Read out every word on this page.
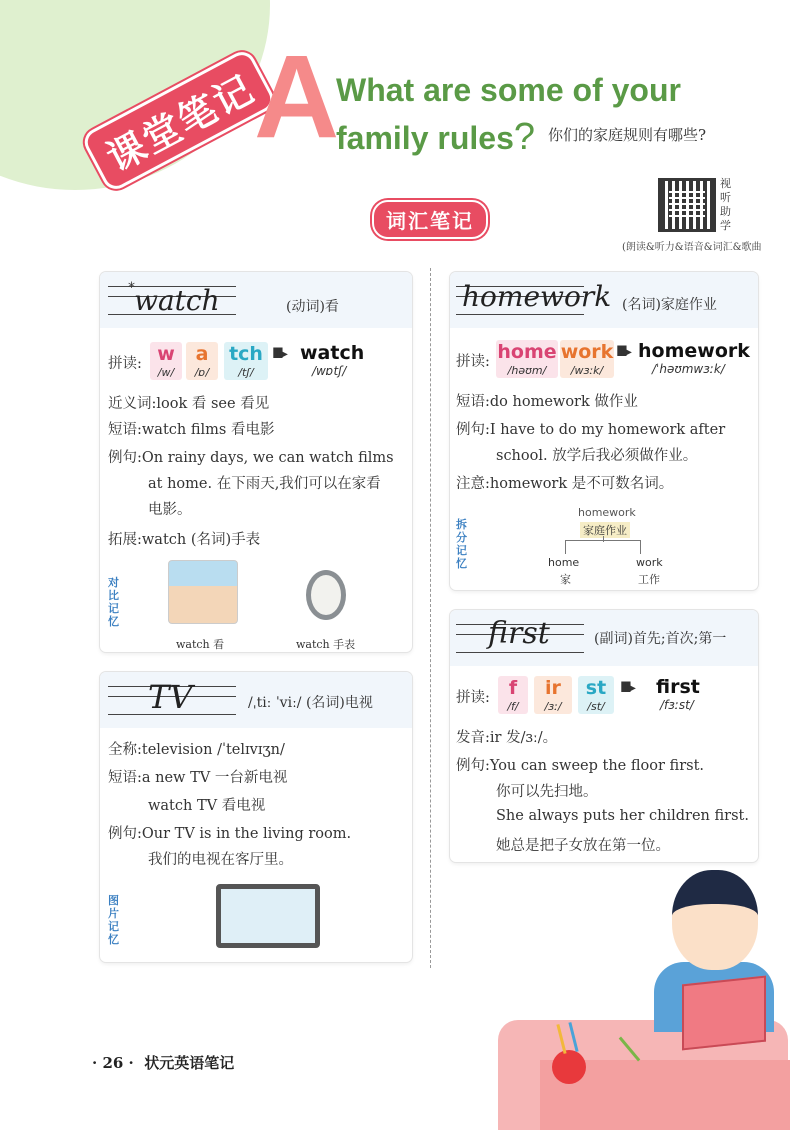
课堂笔记
A
What are some of your
family rules? 你们的家庭规则有哪些?
词汇笔记
视听助学
(朗读&听力&语音&词汇&歌曲
* watch	(动词)看
拼读: w
/w/
a
/ɒ/
tch
/tʃ/
IIII▸ watch
/wɒtʃ/
近义词:look 看 see 看见
短语:watch films 看电影
例句:On rainy days, we can watch films
at home. 在下雨天,我们可以在家看
电影。
拓展:watch (名词)手表
对比记忆
watch 看	watch 手表
TV	/ˌtiː ˈviː/ (名词)电视
全称:television /ˈtelɪvɪʒn/
短语:a new TV 一台新电视
watch TV 看电视
例句:Our TV is in the living room.
我们的电视在客厅里。
图片记忆
homework (名词)家庭作业
拼读: home
/həʊm/
work
/wɜːk/
IIII▸ homework
/ˈhəʊmwɜːk/
短语:do homework 做作业
例句:I have to do my homework after
school. 放学后我必须做作业。
注意:homework 是不可数名词。
拆分记忆
homework
家庭作业
home
家
work
工作
first	(副词)首先;首次;第一
拼读: f
/f/
ir
/ɜː/
st
/st/
IIII▸ first
/fɜːst/
发音:ir 发/ɜː/。
例句:You can sweep the floor first.
你可以先扫地。
She always puts her children first.
她总是把子女放在第一位。
· 26 · 状元英语笔记
